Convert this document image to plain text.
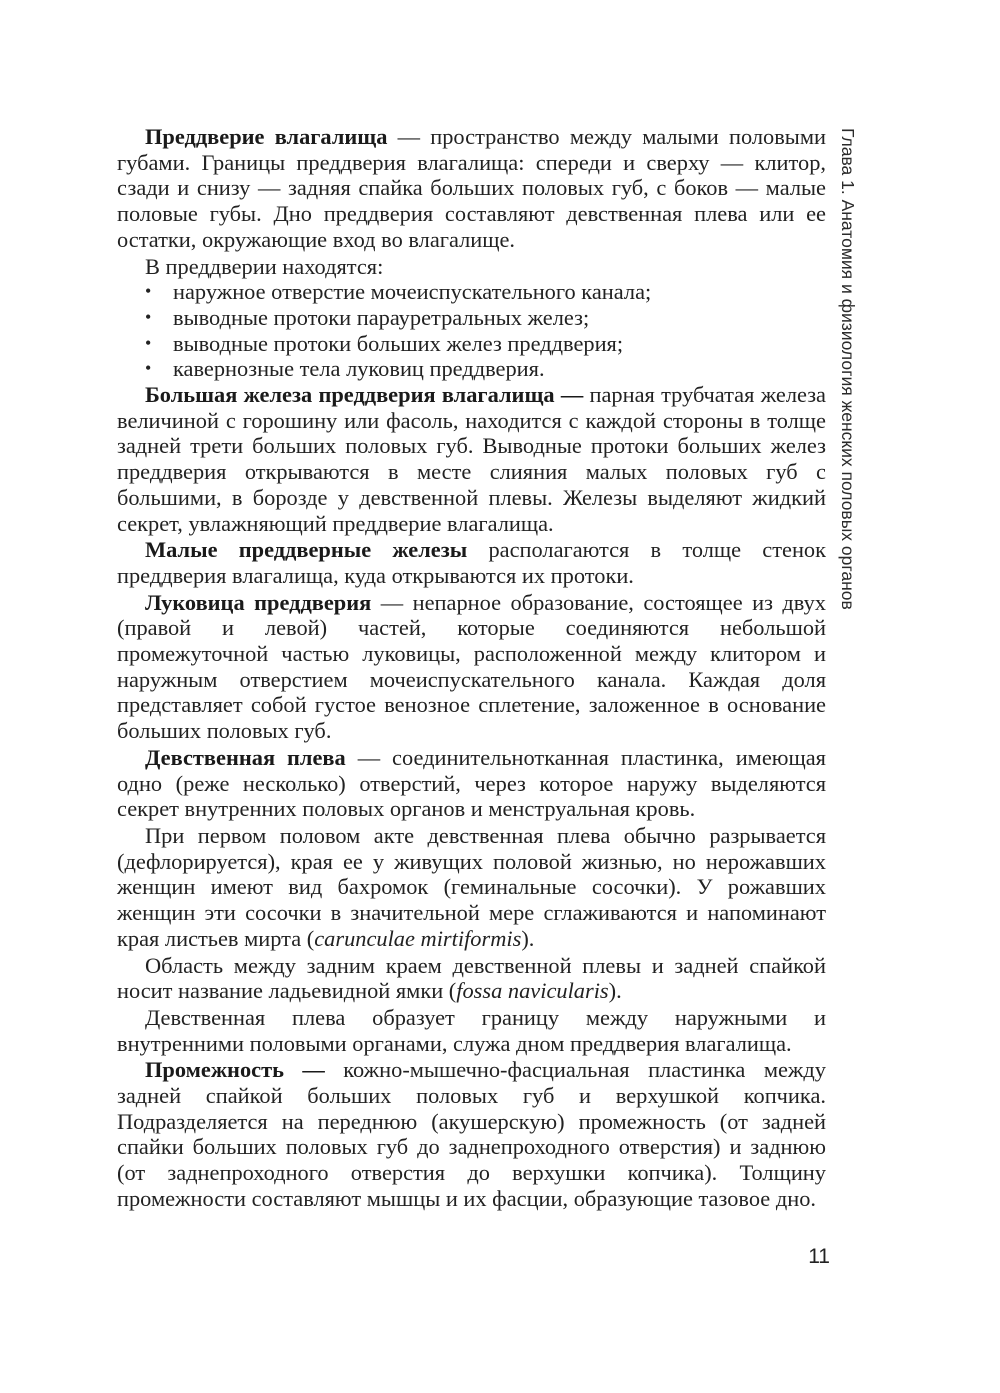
Глава 1. Анатомия и физиология женских половых органов

Преддверие влагалища — пространство между малыми половыми губами. Границы преддверия влагалища: спереди и сверху — клитор, сзади и снизу — задняя спайка больших половых губ, с боков — малые половые губы. Дно преддверия составляют девственная плева или ее остатки, окружающие вход во влагалище.

В преддверии находятся:

• наружное отверстие мочеиспускательного канала;
• выводные протоки парауретральных желез;
• выводные протоки больших желез преддверия;
• кавернозные тела луковиц преддверия.

Большая железа преддверия влагалища — парная трубчатая железа величиной с горошину или фасоль, находится с каждой стороны в толще задней трети больших половых губ. Выводные протоки больших желез преддверия открываются в месте слияния малых половых губ с большими, в борозде у девственной плевы. Железы выделяют жидкий секрет, увлажняющий преддверие влагалища.

Малые преддверные железы располагаются в толще стенок преддверия влагалища, куда открываются их протоки.

Луковица преддверия — непарное образование, состоящее из двух (правой и левой) частей, которые соединяются небольшой промежуточной частью луковицы, расположенной между клитором и наружным отверстием мочеиспускательного канала. Каждая доля представляет собой густое венозное сплетение, заложенное в основание больших половых губ.

Девственная плева — соединительнотканная пластинка, имеющая одно (реже несколько) отверстий, через которое наружу выделяются секрет внутренних половых органов и менструальная кровь.

При первом половом акте девственная плева обычно разрывается (дефлорируется), края ее у живущих половой жизнью, но нерожавших женщин имеют вид бахромок (геминальные сосочки). У рожавших женщин эти сосочки в значительной мере сглаживаются и напоминают края листьев мирта (carunculae mirtiformis).

Область между задним краем девственной плевы и задней спайкой носит название ладьевидной ямки (fossa navicularis).

Девственная плева образует границу между наружными и внутренними половыми органами, служа дном преддверия влагалища.

Промежность — кожно-мышечно-фасциальная пластинка между задней спайкой больших половых губ и верхушкой копчика. Подразделяется на переднюю (акушерскую) промежность (от задней спайки больших половых губ до заднепроходного отверстия) и заднюю (от заднепроходного отверстия до верхушки копчика). Толщину промежности составляют мышцы и их фасции, образующие тазовое дно.

11
